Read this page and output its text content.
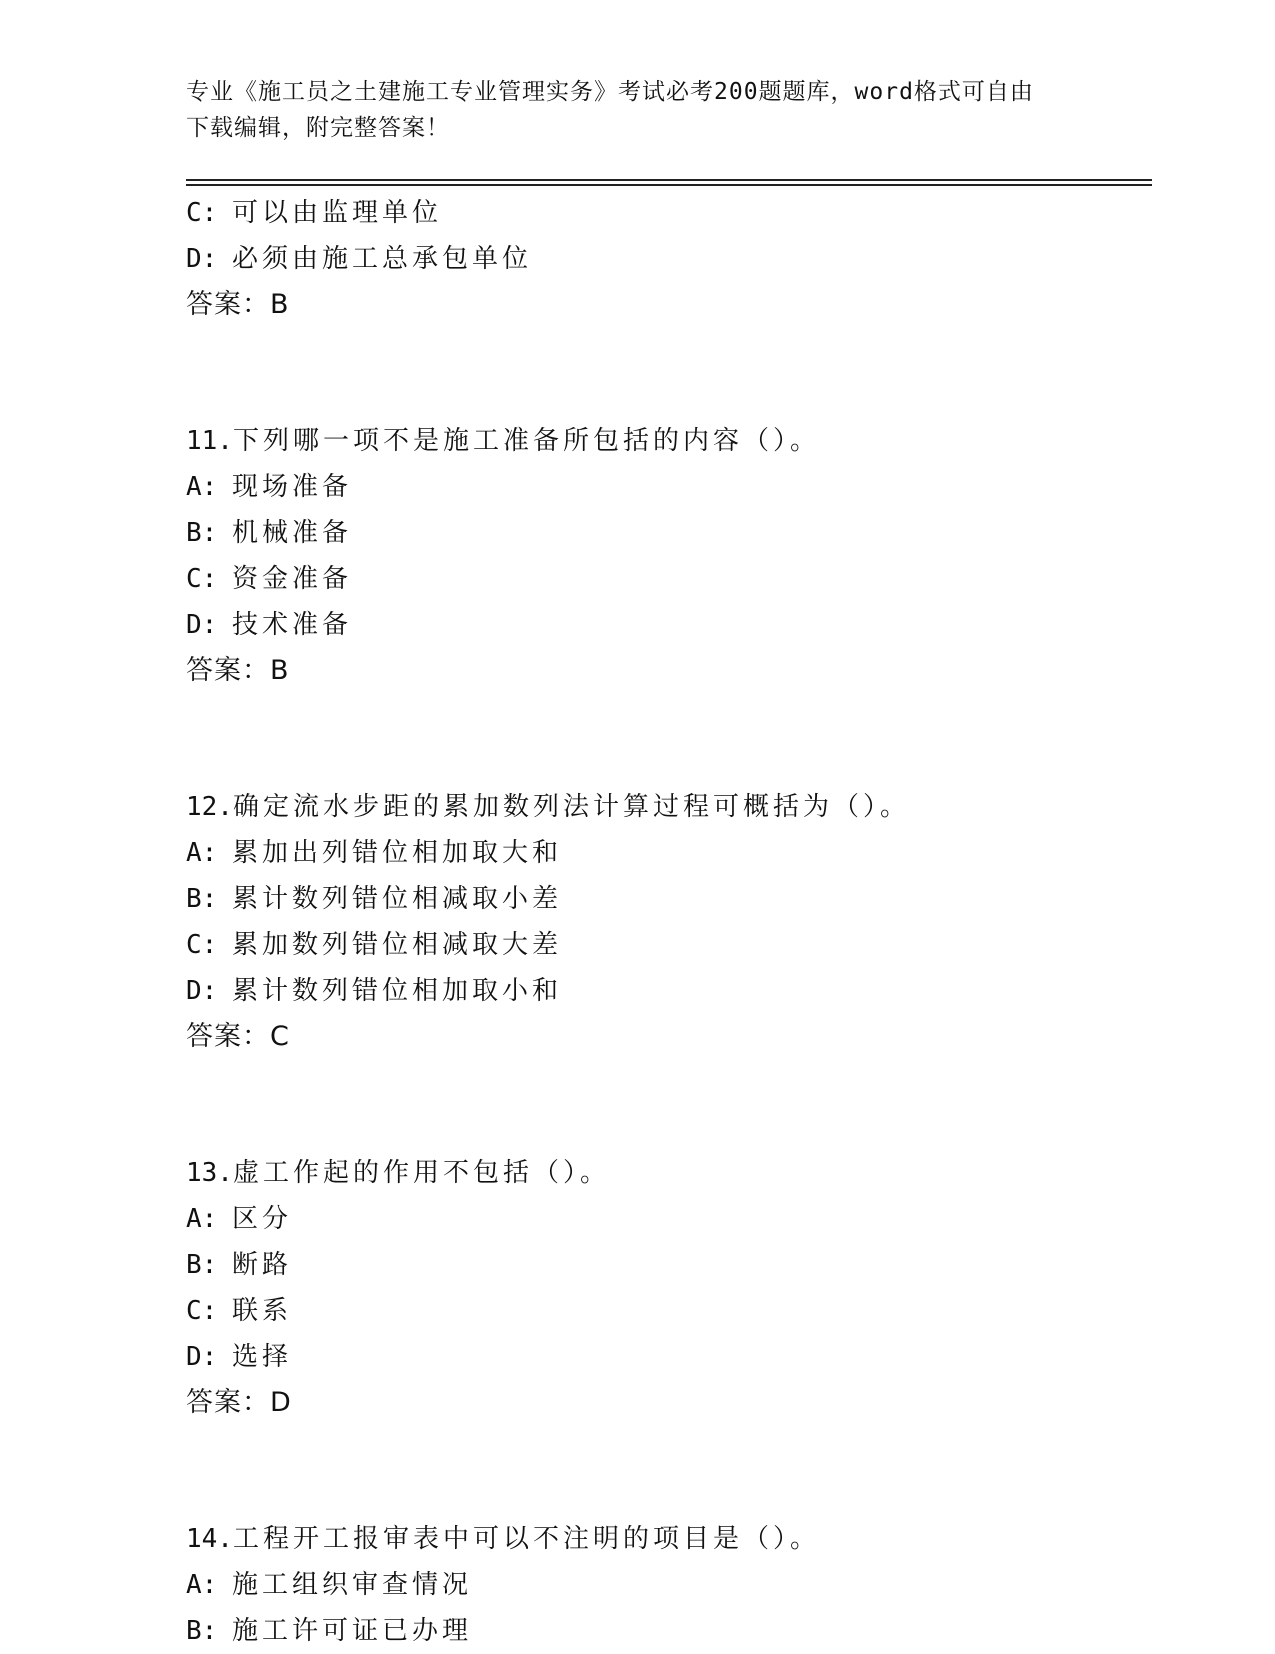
专业《施工员之土建施工专业管理实务》考试必考200题题库，word格式可自由
下载编辑，附完整答案！
C: 可以由监理单位
D: 必须由施工总承包单位
答案：B
11.下列哪一项不是施工准备所包括的内容（）。
A: 现场准备
B: 机械准备
C: 资金准备
D: 技术准备
答案：B
12.确定流水步距的累加数列法计算过程可概括为（）。
A: 累加出列错位相加取大和
B: 累计数列错位相减取小差
C: 累加数列错位相减取大差
D: 累计数列错位相加取小和
答案：C
13.虚工作起的作用不包括（）。
A: 区分
B: 断路
C: 联系
D: 选择
答案：D
14.工程开工报审表中可以不注明的项目是（）。
A: 施工组织审查情况
B: 施工许可证已办理
